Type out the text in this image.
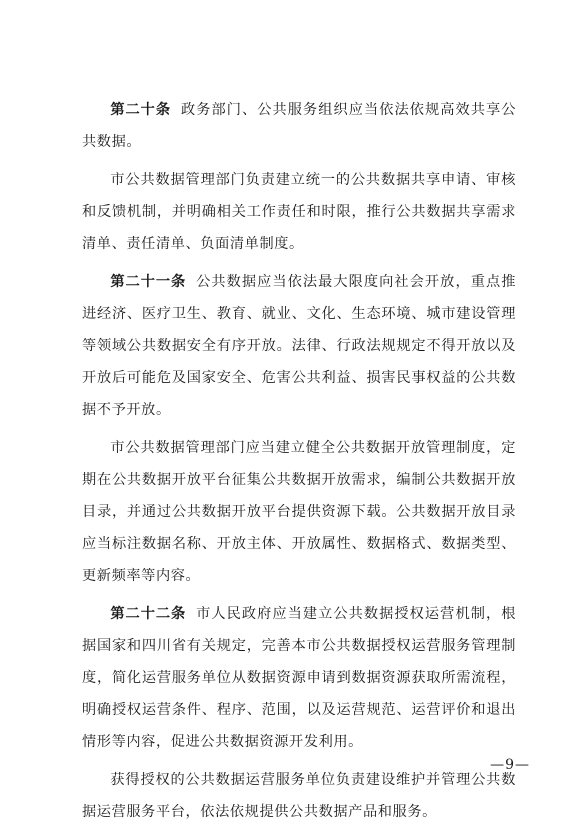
第二十条 政务部门、公共服务组织应当依法依规高效共享公共数据。

市公共数据管理部门负责建立统一的公共数据共享申请、审核和反馈机制，并明确相关工作责任和时限，推行公共数据共享需求清单、责任清单、负面清单制度。

第二十一条 公共数据应当依法最大限度向社会开放，重点推进经济、医疗卫生、教育、就业、文化、生态环境、城市建设管理等领域公共数据安全有序开放。法律、行政法规规定不得开放以及开放后可能危及国家安全、危害公共利益、损害民事权益的公共数据不予开放。

市公共数据管理部门应当建立健全公共数据开放管理制度，定期在公共数据开放平台征集公共数据开放需求，编制公共数据开放目录，并通过公共数据开放平台提供资源下载。公共数据开放目录应当标注数据名称、开放主体、开放属性、数据格式、数据类型、更新频率等内容。

第二十二条 市人民政府应当建立公共数据授权运营机制，根据国家和四川省有关规定，完善本市公共数据授权运营服务管理制度，简化运营服务单位从数据资源申请到数据资源获取所需流程，明确授权运营条件、程序、范围，以及运营规范、运营评价和退出情形等内容，促进公共数据资源开发利用。

获得授权的公共数据运营服务单位负责建设维护并管理公共数据运营服务平台，依法依规提供公共数据产品和服务。

—9—
